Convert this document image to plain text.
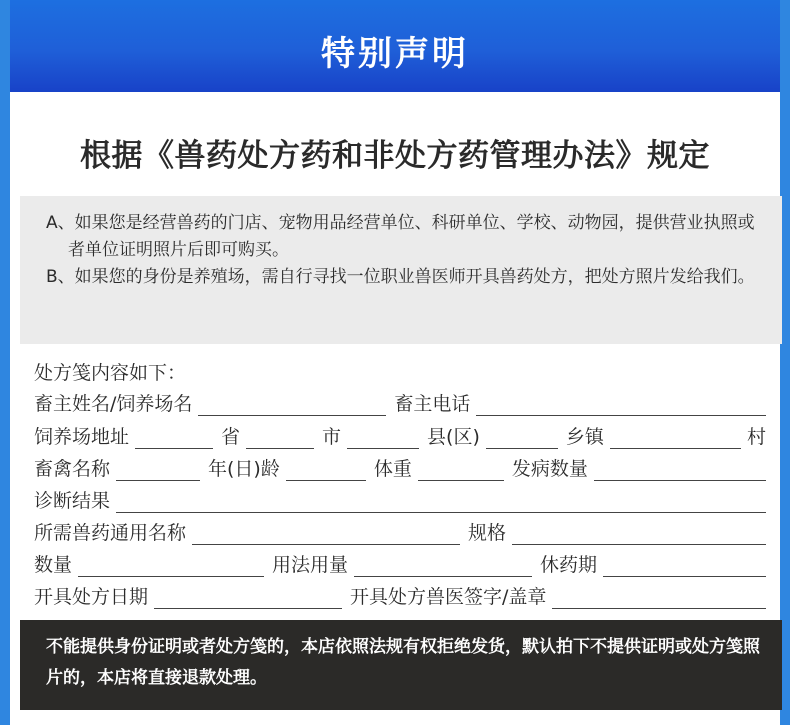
特别声明
根据《兽药处方药和非处方药管理办法》规定
A、如果您是经营兽药的门店、宠物用品经营单位、科研单位、学校、动物园，提供营业执照或者单位证明照片后即可购买。
B、如果您的身份是养殖场，需自行寻找一位职业兽医师开具兽药处方，把处方照片发给我们。
处方笺内容如下：
畜主姓名/饲养场名	畜主电话
饲养场地址	省	市	县(区)	乡镇	村
畜禽名称	年(日)龄	体重	发病数量
诊断结果
所需兽药通用名称	规格
数量	用法用量	休药期
开具处方日期	开具处方兽医签字/盖章
不能提供身份证明或者处方笺的，本店依照法规有权拒绝发货，默认拍下不提供证明或处方笺照片的，本店将直接退款处理。
